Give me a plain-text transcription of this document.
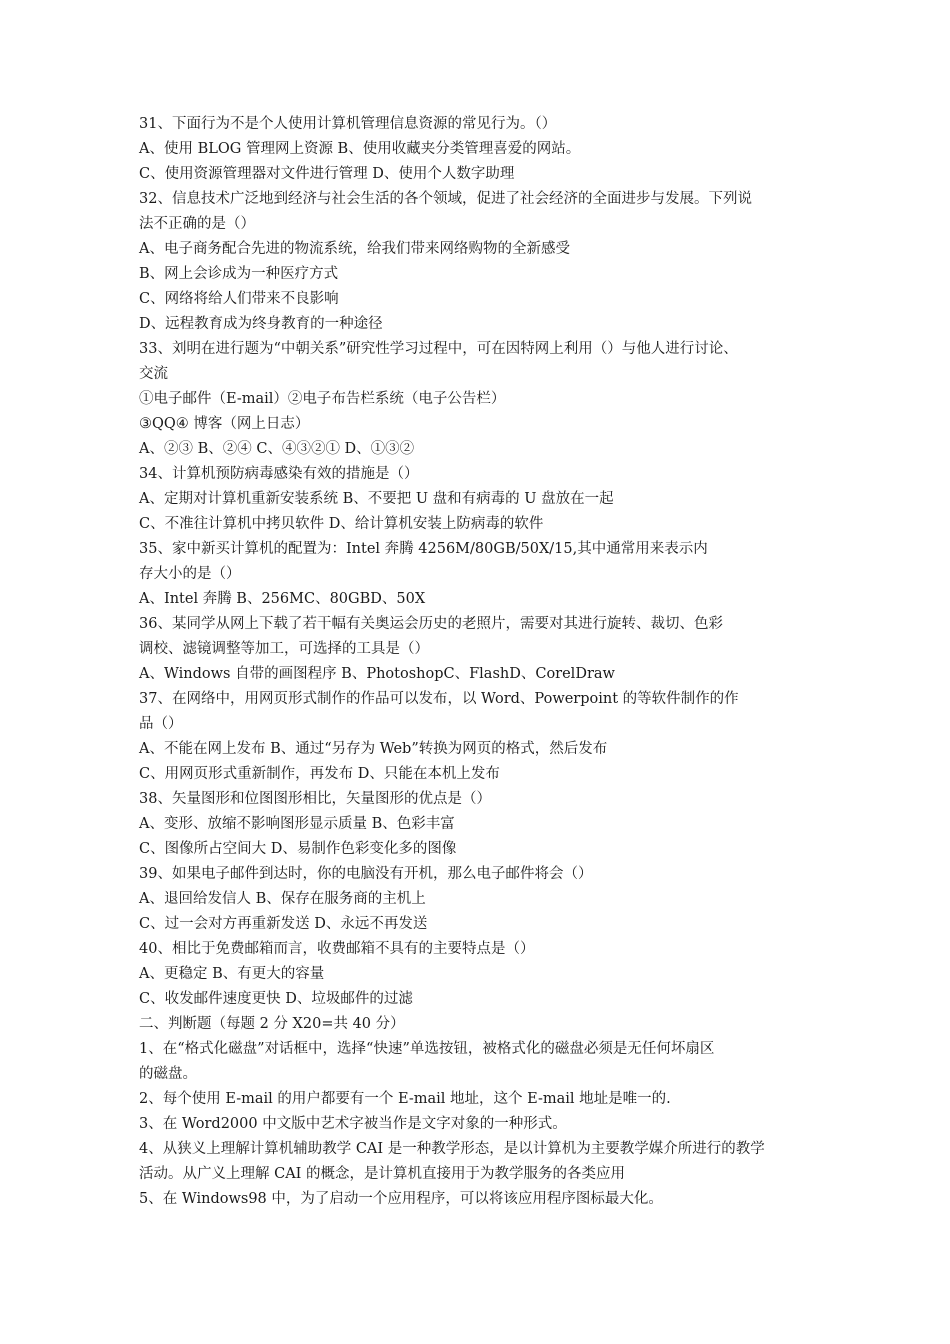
31、下面行为不是个人使用计算机管理信息资源的常见行为。（）
A、使用 BLOG 管理网上资源 B、使用收藏夹分类管理喜爱的网站。
C、使用资源管理器对文件进行管理 D、使用个人数字助理
32、信息技术广泛地到经济与社会生活的各个领域，促进了社会经济的全面进步与发展。下列说
法不正确的是（）
A、电子商务配合先进的物流系统，给我们带来网络购物的全新感受
B、网上会诊成为一种医疗方式
C、网络将给人们带来不良影响
D、远程教育成为终身教育的一种途径
33、刘明在进行题为“中朝关系”研究性学习过程中，可在因特网上利用（）与他人进行讨论、
交流
①电子邮件（E-mail）②电子布告栏系统（电子公告栏）
③QQ④ 博客（网上日志）
A、②③ B、②④ C、④③②① D、①③②
34、计算机预防病毒感染有效的措施是（）
A、定期对计算机重新安装系统 B、不要把 U 盘和有病毒的 U 盘放在一起
C、不准往计算机中拷贝软件 D、给计算机安装上防病毒的软件
35、家中新买计算机的配置为：Intel 奔腾 4256M/80GB/50X/15,其中通常用来表示内
存大小的是（）
A、Intel 奔腾 B、256MC、80GBD、50X
36、某同学从网上下载了若干幅有关奥运会历史的老照片，需要对其进行旋转、裁切、色彩
调校、滤镜调整等加工，可选择的工具是（）
A、Windows 自带的画图程序 B、PhotoshopC、FlashD、CorelDraw
37、在网络中，用网页形式制作的作品可以发布，以 Word、Powerpoint 的等软件制作的作
品（）
A、不能在网上发布 B、通过“另存为 Web”转换为网页的格式，然后发布
C、用网页形式重新制作，再发布 D、只能在本机上发布
38、矢量图形和位图图形相比，矢量图形的优点是（）
A、变形、放缩不影响图形显示质量 B、色彩丰富
C、图像所占空间大 D、易制作色彩变化多的图像
39、如果电子邮件到达时，你的电脑没有开机，那么电子邮件将会（）
A、退回给发信人 B、保存在服务商的主机上
C、过一会对方再重新发送 D、永远不再发送
40、相比于免费邮箱而言，收费邮箱不具有的主要特点是（）
A、更稳定 B、有更大的容量
C、收发邮件速度更快 D、垃圾邮件的过滤
二、判断题（每题 2 分 X20=共 40 分）
1、在“格式化磁盘”对话框中，选择“快速”单选按钮，被格式化的磁盘必须是无任何坏扇区
的磁盘。
2、每个使用 E-mail 的用户都要有一个 E-mail 地址，这个 E-mail 地址是唯一的.
3、在 Word2000 中文版中艺术字被当作是文字对象的一种形式。
4、从狭义上理解计算机辅助教学 CAI 是一种教学形态，是以计算机为主要教学媒介所进行的教学
活动。从广义上理解 CAI 的概念，是计算机直接用于为教学服务的各类应用
5、在 Windows98 中，为了启动一个应用程序，可以将该应用程序图标最大化。
